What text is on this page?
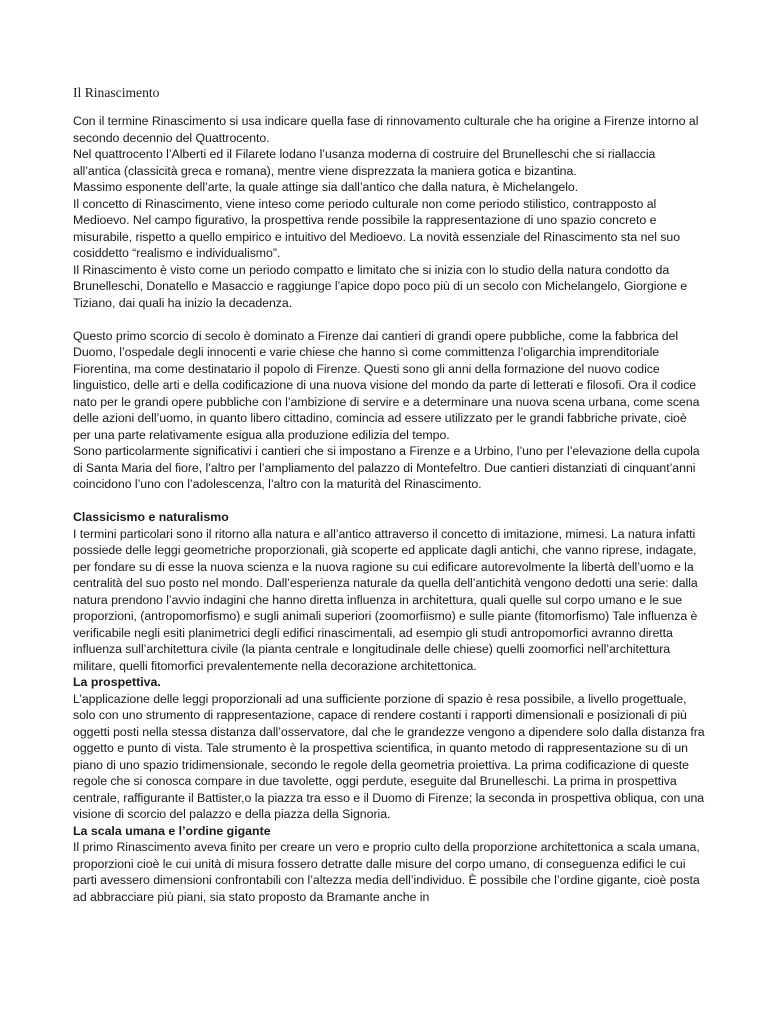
Il Rinascimento

Con il termine Rinascimento si usa indicare quella fase di rinnovamento culturale che ha origine a Firenze intorno al secondo decennio del Quattrocento.

Nel quattrocento l’Alberti ed il Filarete lodano l’usanza moderna di costruire del Brunelleschi che si riallaccia all’antica (classicità greca e romana), mentre viene disprezzata la maniera gotica e bizantina.

Massimo esponente dell’arte, la quale attinge sia dall’antico che dalla natura, è Michelangelo.

Il concetto di Rinascimento, viene inteso come periodo culturale non come periodo stilistico, contrapposto al Medioevo. Nel campo figurativo, la prospettiva rende possibile la rappresentazione di uno spazio concreto e misurabile, rispetto a quello empirico e intuitivo del Medioevo. La novità essenziale del Rinascimento sta nel suo cosiddetto “realismo e individualismo”.

Il Rinascimento è visto come un periodo compatto e limitato che si inizia con lo studio della natura condotto da Brunelleschi, Donatello e Masaccio e raggiunge l’apice dopo poco più di un secolo con Michelangelo, Giorgione e Tiziano, dai quali ha inizio la decadenza.

Questo primo scorcio di secolo è dominato a Firenze dai cantieri di grandi opere pubbliche, come la fabbrica del Duomo, l’ospedale degli innocenti e varie chiese che hanno sì come committenza l’oligarchia imprenditoriale Fiorentina, ma come destinatario il popolo di Firenze. Questi sono gli anni della formazione del nuovo codice linguistico, delle arti e della codificazione di una nuova visione del mondo da parte di letterati e filosofi. Ora il codice nato per le grandi opere pubbliche con l’ambizione di servire e a determinare una nuova scena urbana, come scena delle azioni dell’uomo, in quanto libero cittadino, comincia ad essere utilizzato per le grandi fabbriche private, cioè per una parte relativamente esigua alla produzione edilizia del tempo.

Sono particolarmente significativi i cantieri che si impostano a Firenze e a Urbino, l’uno per l’elevazione della cupola di Santa Maria del fiore, l’altro per l’ampliamento del palazzo di Montefeltro. Due cantieri distanziati di cinquant’anni coincidono l’uno con l’adolescenza, l’altro con la maturità del Rinascimento.

Classicismo e naturalismo

I termini particolari sono il ritorno alla natura e all’antico attraverso il concetto di imitazione, mimesi. La natura infatti possiede delle leggi geometriche proporzionali, già scoperte ed applicate dagli antichi, che vanno riprese, indagate, per fondare su di esse la nuova scienza e la nuova ragione su cui edificare autorevolmente la libertà dell’uomo e la centralità del suo posto nel mondo. Dall’esperienza naturale da quella dell’antichità vengono dedotti una serie: dalla natura prendono l’avvio indagini che hanno diretta influenza in architettura, quali quelle sul corpo umano e le sue proporzioni, (antropomorfismo) e sugli animali superiori (zoomorfiismo) e sulle piante (fitomorfismo) Tale influenza è verificabile negli esiti planimetrici degli edifici rinascimentali, ad esempio gli studi antropomorfici avranno diretta influenza sull’architettura civile (la pianta centrale e longitudinale delle chiese) quelli zoomorfici nell’architettura militare, quelli fitomorfici prevalentemente nella decorazione architettonica.

La prospettiva.

L’applicazione delle leggi proporzionali ad una sufficiente porzione di spazio è resa possibile, a livello progettuale, solo con uno strumento di rappresentazione, capace di rendere costanti i rapporti dimensionali e posizionali di più oggetti posti nella stessa distanza dall’osservatore, dal che le grandezze vengono a dipendere solo dalla distanza fra oggetto e punto di vista. Tale strumento è la prospettiva scientifica, in quanto metodo di rappresentazione su di un piano di uno spazio tridimensionale, secondo le regole della geometria proiettiva. La prima codificazione di queste regole che si conosca compare in due tavolette, oggi perdute, eseguite dal Brunelleschi. La prima in prospettiva centrale, raffigurante il Battister,o la piazza tra esso e il Duomo di Firenze; la seconda in prospettiva obliqua, con una visione di scorcio del palazzo e della piazza della Signoria.

La scala umana e l’ordine gigante

Il primo Rinascimento aveva finito per creare un vero e proprio culto della proporzione architettonica a scala umana, proporzioni cioè le cui unità di misura fossero detratte dalle misure del corpo umano, di conseguenza edifici le cui parti avessero dimensioni confrontabili con l’altezza media dell’individuo. È possibile che l’ordine gigante, cioè posta ad abbracciare più piani, sia stato proposto da Bramante anche in
